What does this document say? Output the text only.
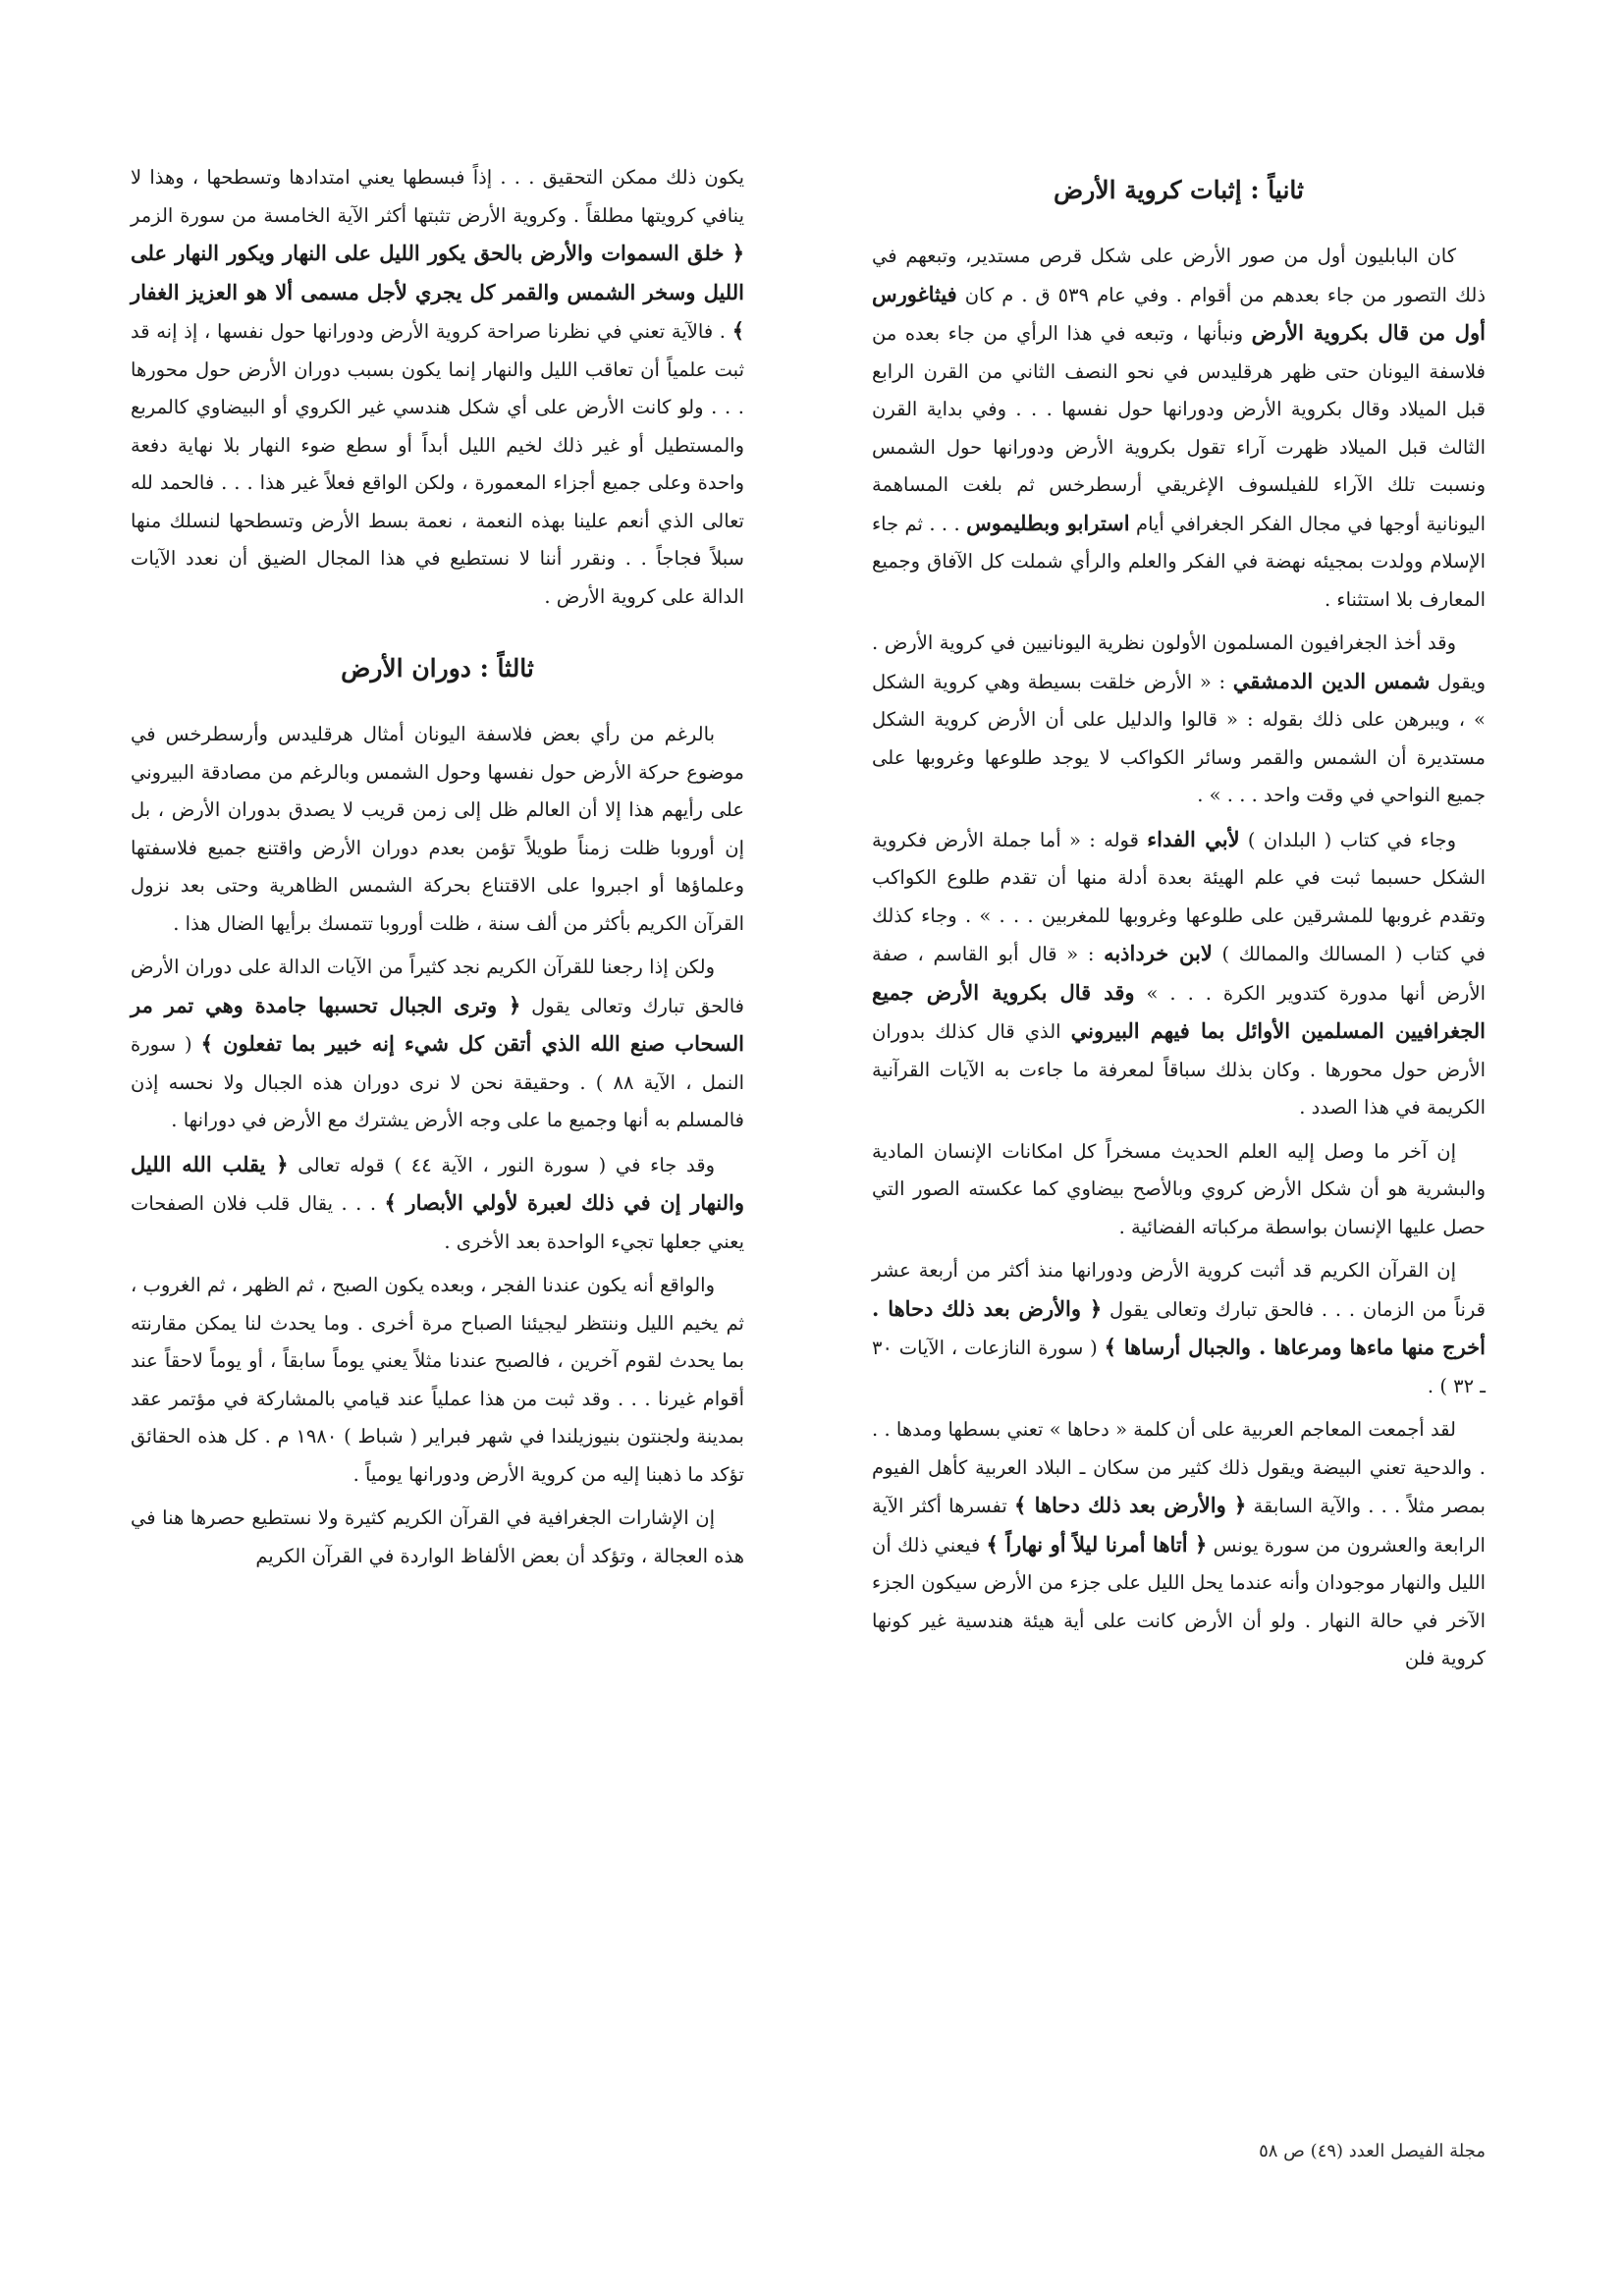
ثانياً : إثبات كروية الأرض

كان البابليون أول من صور الأرض على شكل قرص مستدير، وتبعهم في ذلك التصور من جاء بعدهم من أقوام . وفي عام ٥٣٩ ق . م كان فيثاغورس أول من قال بكروية الأرض ونبأنها ، وتبعه في هذا الرأي من جاء بعده من فلاسفة اليونان حتى ظهر هرقليدس في نحو النصف الثاني من القرن الرابع قبل الميلاد وقال بكروية الأرض ودورانها حول نفسها . . . وفي بداية القرن الثالث قبل الميلاد ظهرت آراء تقول بكروية الأرض ودورانها حول الشمس ونسبت تلك الآراء للفيلسوف الإغريقي أرسطرخس ثم بلغت المساهمة اليونانية أوجها في مجال الفكر الجغرافي أيام استرابو وبطليموس . . . ثم جاء الإسلام وولدت بمجيئه نهضة في الفكر والعلم والرأي شملت كل الآفاق وجميع المعارف بلا استثناء .

وقد أخذ الجغرافيون المسلمون الأولون نظرية اليونانيين في كروية الأرض . ويقول شمس الدين الدمشقي : « الأرض خلقت بسيطة وهي كروية الشكل » ، ويبرهن على ذلك بقوله : « قالوا والدليل على أن الأرض كروية الشكل مستديرة أن الشمس والقمر وسائر الكواكب لا يوجد طلوعها وغروبها على جميع النواحي في وقت واحد . . . » .

وجاء في كتاب ( البلدان ) لأبي الفداء قوله : « أما جملة الأرض فكروية الشكل حسبما ثبت في علم الهيئة بعدة أدلة منها أن تقدم طلوع الكواكب وتقدم غروبها للمشرقين على طلوعها وغروبها للمغربين . . . » . وجاء كذلك في كتاب ( المسالك والممالك ) لابن خرداذبه : « قال أبو القاسم ، صفة الأرض أنها مدورة كتدوير الكرة . . . » وقد قال بكروية الأرض جميع الجغرافيين المسلمين الأوائل بما فيهم البيروني الذي قال كذلك بدوران الأرض حول محورها . وكان بذلك سباقاً لمعرفة ما جاءت به الآيات القرآنية الكريمة في هذا الصدد .

إن آخر ما وصل إليه العلم الحديث مسخراً كل امكانات الإنسان المادية والبشرية هو أن شكل الأرض كروي وبالأصح بيضاوي كما عكسته الصور التي حصل عليها الإنسان بواسطة مركباته الفضائية .

إن القرآن الكريم قد أثبت كروية الأرض ودورانها منذ أكثر من أربعة عشر قرناً من الزمان . . . فالحق تبارك وتعالى يقول ﴿ والأرض بعد ذلك دحاها . أخرج منها ماءها ومرعاها . والجبال أرساها ﴾ ( سورة النازعات ، الآيات ٣٠ ـ ٣٢ ) .

لقد أجمعت المعاجم العربية على أن كلمة « دحاها » تعني بسطها ومدها . . . والدحية تعني البيضة ويقول ذلك كثير من سكان ـ البلاد العربية كأهل الفيوم بمصر مثلاً . . . والآية السابقة ﴿ والأرض بعد ذلك دحاها ﴾ تفسرها أكثر الآية الرابعة والعشرون من سورة يونس ﴿ أتاها أمرنا ليلاً أو نهاراً ﴾ فيعني ذلك أن الليل والنهار موجودان وأنه عندما يحل الليل على جزء من الأرض سيكون الجزء الآخر في حالة النهار . ولو أن الأرض كانت على أية هيئة هندسية غير كونها كروية فلن

يكون ذلك ممكن التحقيق . . . إذاً فبسطها يعني امتدادها وتسطحها ، وهذا لا ينافي كرويتها مطلقاً . وكروية الأرض تثبتها أكثر الآية الخامسة من سورة الزمر ﴿ خلق السموات والأرض بالحق يكور الليل على النهار ويكور النهار على الليل وسخر الشمس والقمر كل يجري لأجل مسمى ألا هو العزيز الغفار ﴾ . فالآية تعني في نظرنا صراحة كروية الأرض ودورانها حول نفسها ، إذ إنه قد ثبت علمياً أن تعاقب الليل والنهار إنما يكون بسبب دوران الأرض حول محورها . . . ولو كانت الأرض على أي شكل هندسي غير الكروي أو البيضاوي كالمربع والمستطيل أو غير ذلك لخيم الليل أبداً أو سطع ضوء النهار بلا نهاية دفعة واحدة وعلى جميع أجزاء المعمورة ، ولكن الواقع فعلاً غير هذا . . . فالحمد لله تعالى الذي أنعم علينا بهذه النعمة ، نعمة بسط الأرض وتسطحها لنسلك منها سبلاً فجاجاً . . ونقرر أننا لا نستطيع في هذا المجال الضيق أن نعدد الآيات الدالة على كروية الأرض .

ثالثاً : دوران الأرض

بالرغم من رأي بعض فلاسفة اليونان أمثال هرقليدس وأرسطرخس في موضوع حركة الأرض حول نفسها وحول الشمس وبالرغم من مصادقة البيروني على رأيهم هذا إلا أن العالم ظل إلى زمن قريب لا يصدق بدوران الأرض ، بل إن أوروبا ظلت زمناً طويلاً تؤمن بعدم دوران الأرض واقتنع جميع فلاسفتها وعلماؤها أو اجبروا على الاقتناع بحركة الشمس الظاهرية وحتى بعد نزول القرآن الكريم بأكثر من ألف سنة ، ظلت أوروبا تتمسك برأيها الضال هذا .

ولكن إذا رجعنا للقرآن الكريم نجد كثيراً من الآيات الدالة على دوران الأرض فالحق تبارك وتعالى يقول ﴿ وترى الجبال تحسبها جامدة وهي تمر مر السحاب صنع الله الذي أتقن كل شيء إنه خبير بما تفعلون ﴾ ( سورة النمل ، الآية ٨٨ ) . وحقيقة نحن لا نرى دوران هذه الجبال ولا نحسه إذن فالمسلم به أنها وجميع ما على وجه الأرض يشترك مع الأرض في دورانها .

وقد جاء في ( سورة النور ، الآية ٤٤ ) قوله تعالى ﴿ يقلب الله الليل والنهار إن في ذلك لعبرة لأولي الأبصار ﴾ . . . يقال قلب فلان الصفحات يعني جعلها تجيء الواحدة بعد الأخرى .

والواقع أنه يكون عندنا الفجر ، وبعده يكون الصبح ، ثم الظهر ، ثم الغروب ، ثم يخيم الليل وننتظر ليجيئنا الصباح مرة أخرى . وما يحدث لنا يمكن مقارنته بما يحدث لقوم آخرين ، فالصبح عندنا مثلاً يعني يوماً سابقاً ، أو يوماً لاحقاً عند أقوام غيرنا . . . وقد ثبت من هذا عملياً عند قيامي بالمشاركة في مؤتمر عقد بمدينة ولجنتون بنيوزيلندا في شهر فبراير ( شباط ) ١٩٨٠ م . كل هذه الحقائق تؤكد ما ذهبنا إليه من كروية الأرض ودورانها يومياً .

إن الإشارات الجغرافية في القرآن الكريم كثيرة ولا نستطيع حصرها هنا في هذه العجالة ، وتؤكد أن بعض الألفاظ الواردة في القرآن الكريم

مجلة الفيصل العدد (٤٩) ص ٥٨
